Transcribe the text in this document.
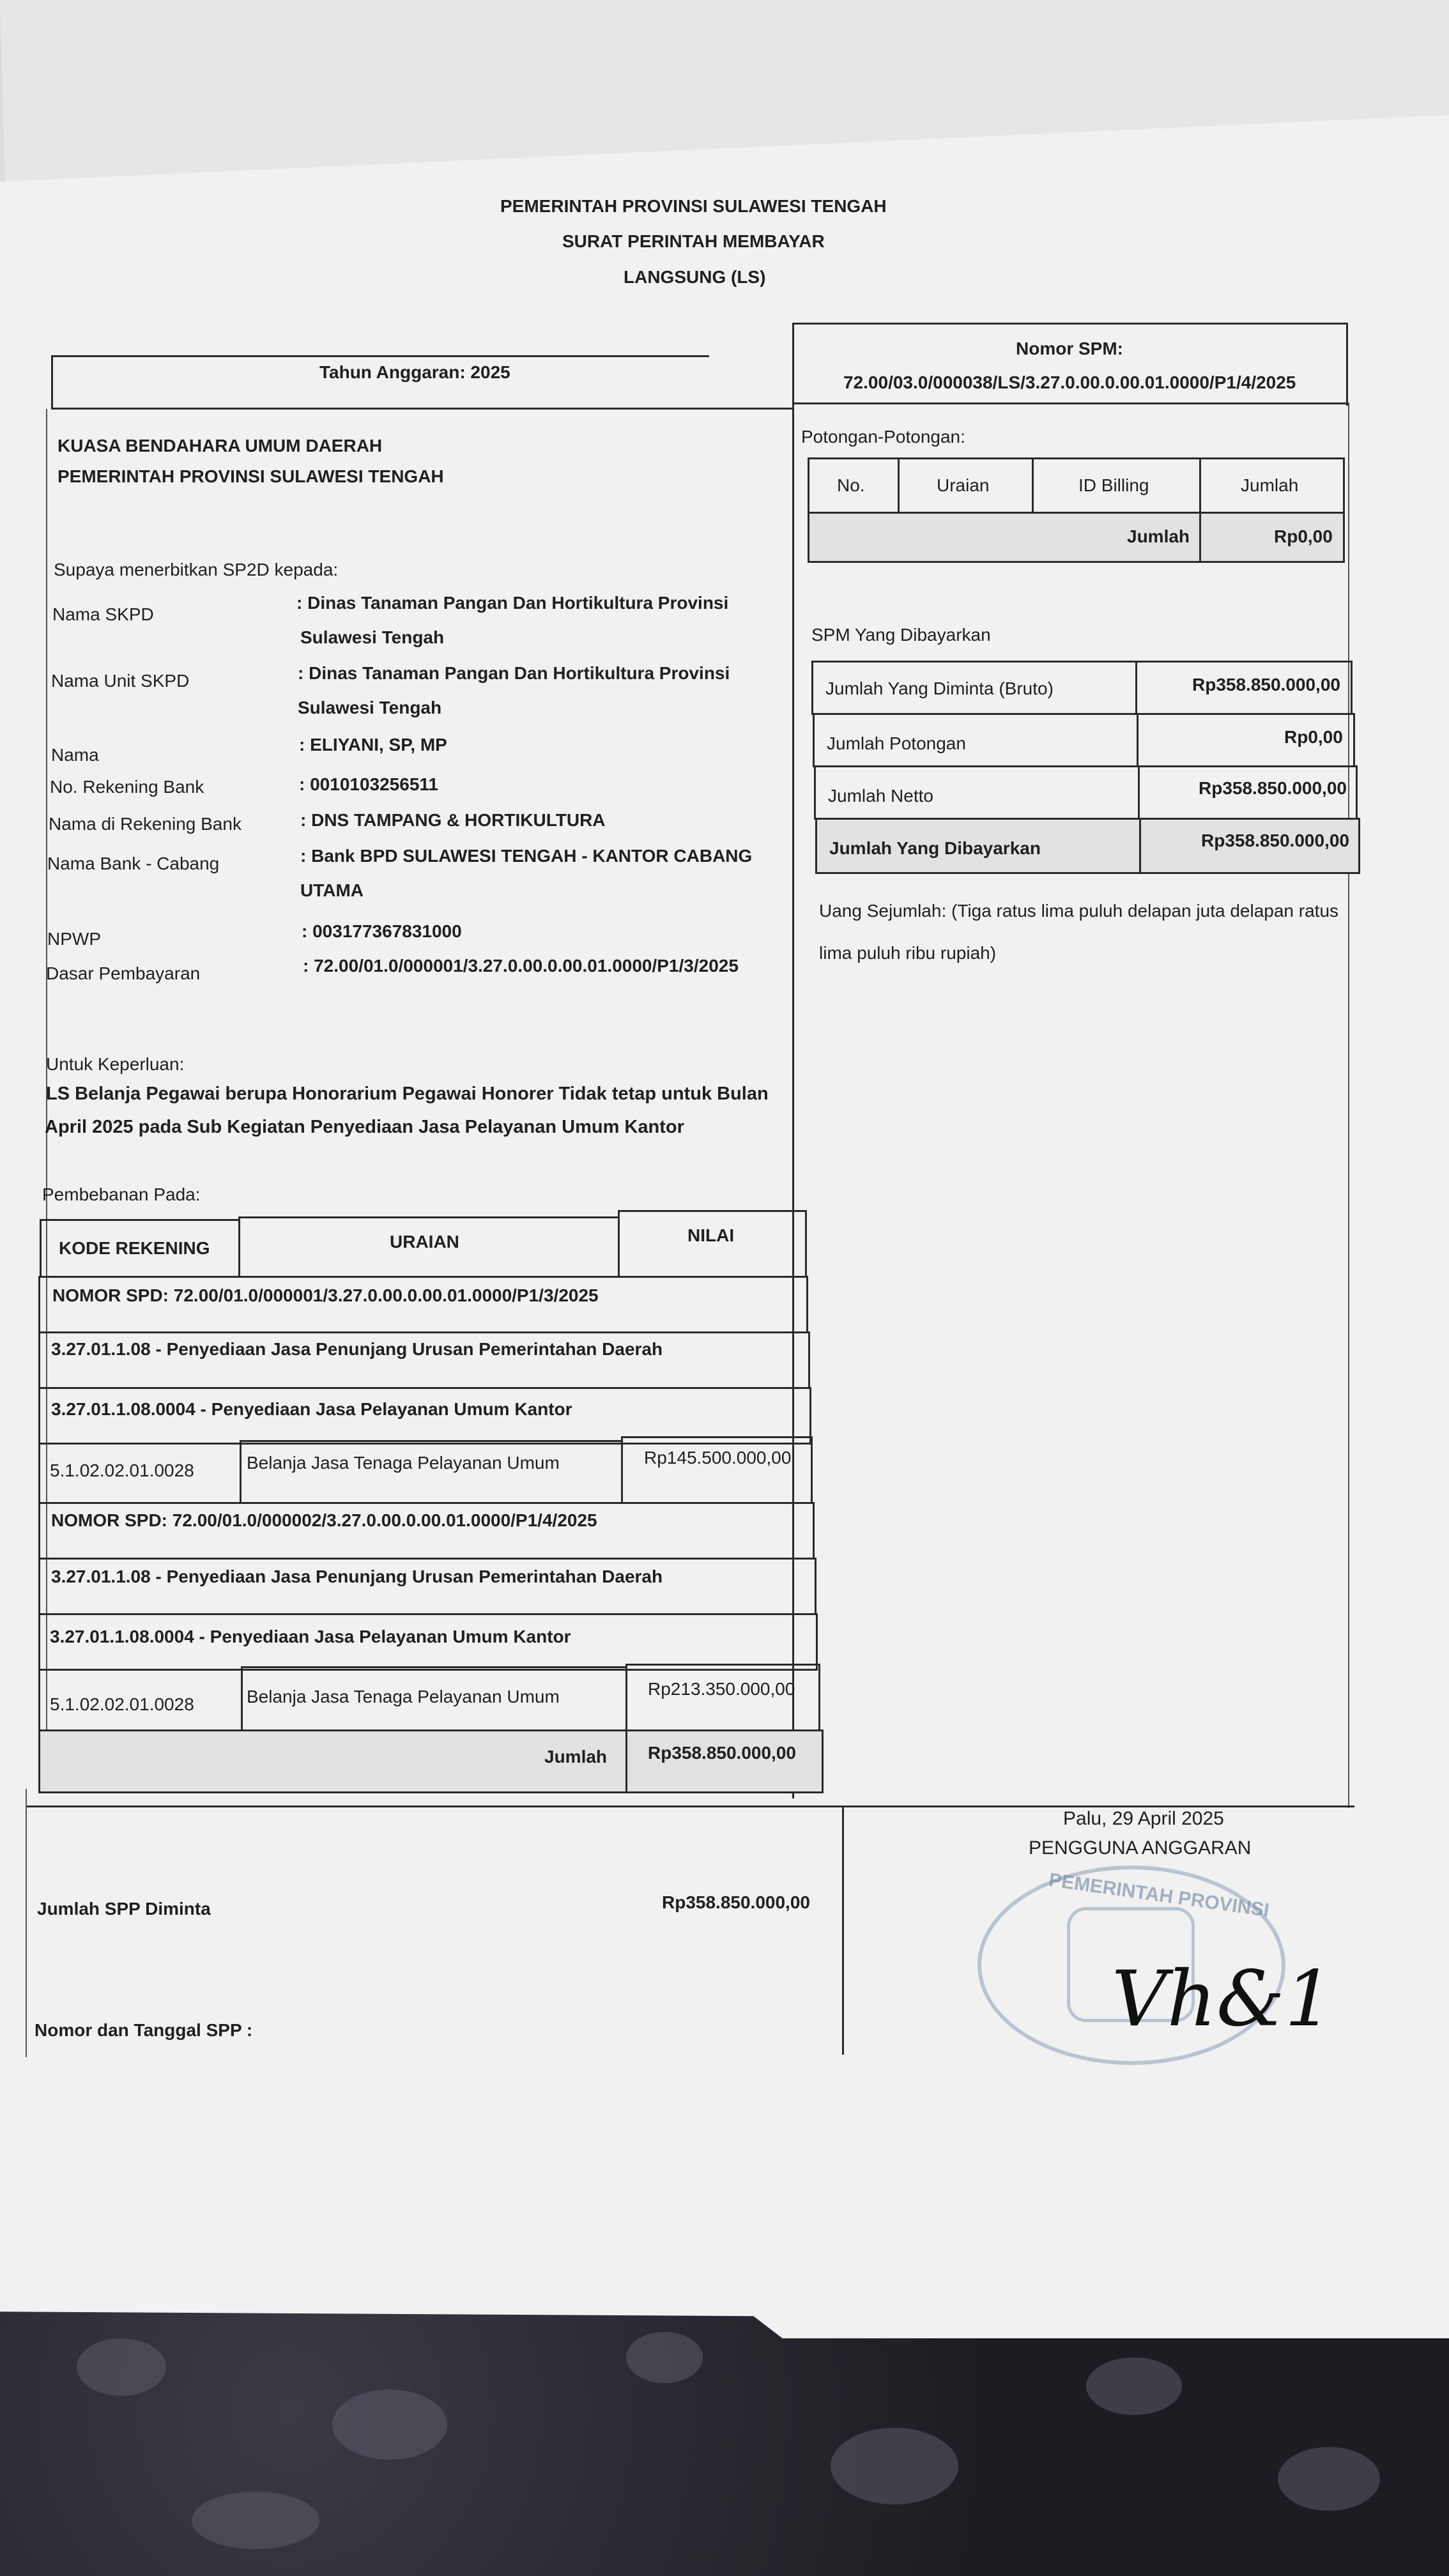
PEMERINTAH PROVINSI SULAWESI TENGAH
SURAT PERINTAH MEMBAYAR
LANGSUNG (LS)
Tahun Anggaran: 2025
Nomor SPM:
72.00/03.0/000038/LS/3.27.0.00.0.00.01.0000/P1/4/2025
KUASA BENDAHARA UMUM DAERAH
PEMERINTAH PROVINSI SULAWESI TENGAH
Supaya menerbitkan SP2D kepada:
Nama SKPD
: Dinas Tanaman Pangan Dan Hortikultura Provinsi
Sulawesi Tengah
Nama Unit SKPD	: Dinas Tanaman Pangan Dan Hortikultura Provinsi
Sulawesi Tengah
Nama
: ELIYANI, SP, MP
No. Rekening Bank	: 0010103256511
Nama di Rekening Bank	: DNS TAMPANG & HORTIKULTURA
Nama Bank - Cabang	: Bank BPD SULAWESI TENGAH - KANTOR CABANG
UTAMA
NPWP	: 003177367831000
Dasar Pembayaran	: 72.00/01.0/000001/3.27.0.00.0.00.01.0000/P1/3/2025
Untuk Keperluan:
LS Belanja Pegawai berupa Honorarium Pegawai Honorer Tidak tetap untuk Bulan
April 2025 pada Sub Kegiatan Penyediaan Jasa Pelayanan Umum Kantor
Pembebanan Pada:
KODE REKENING	URAIAN	NILAI
NOMOR SPD: 72.00/01.0/000001/3.27.0.00.0.00.01.0000/P1/3/2025
3.27.01.1.08 - Penyediaan Jasa Penunjang Urusan Pemerintahan Daerah
3.27.01.1.08.0004 - Penyediaan Jasa Pelayanan Umum Kantor
5.1.02.02.01.0028	Belanja Jasa Tenaga Pelayanan Umum	Rp145.500.000,00
NOMOR SPD: 72.00/01.0/000002/3.27.0.00.0.00.01.0000/P1/4/2025
3.27.01.1.08 - Penyediaan Jasa Penunjang Urusan Pemerintahan Daerah
3.27.01.1.08.0004 - Penyediaan Jasa Pelayanan Umum Kantor
5.1.02.02.01.0028	Belanja Jasa Tenaga Pelayanan Umum	Rp213.350.000,00
Jumlah Rp358.850.000,00
Potongan-Potongan:
No.	Uraian	ID Billing	Jumlah
Jumlah	Rp0,00
SPM Yang Dibayarkan
Jumlah Yang Diminta (Bruto)	Rp358.850.000,00
Jumlah Potongan	Rp0,00
Jumlah Netto	Rp358.850.000,00
Jumlah Yang Dibayarkan	Rp358.850.000,00
Uang Sejumlah: (Tiga ratus lima puluh delapan juta delapan ratus
lima puluh ribu rupiah)
Jumlah SPP Diminta	Rp358.850.000,00
Nomor dan Tanggal SPP :
Palu, 29 April 2025
PENGGUNA ANGGARAN
PEMERINTAH PROVINSI
Vh&1
